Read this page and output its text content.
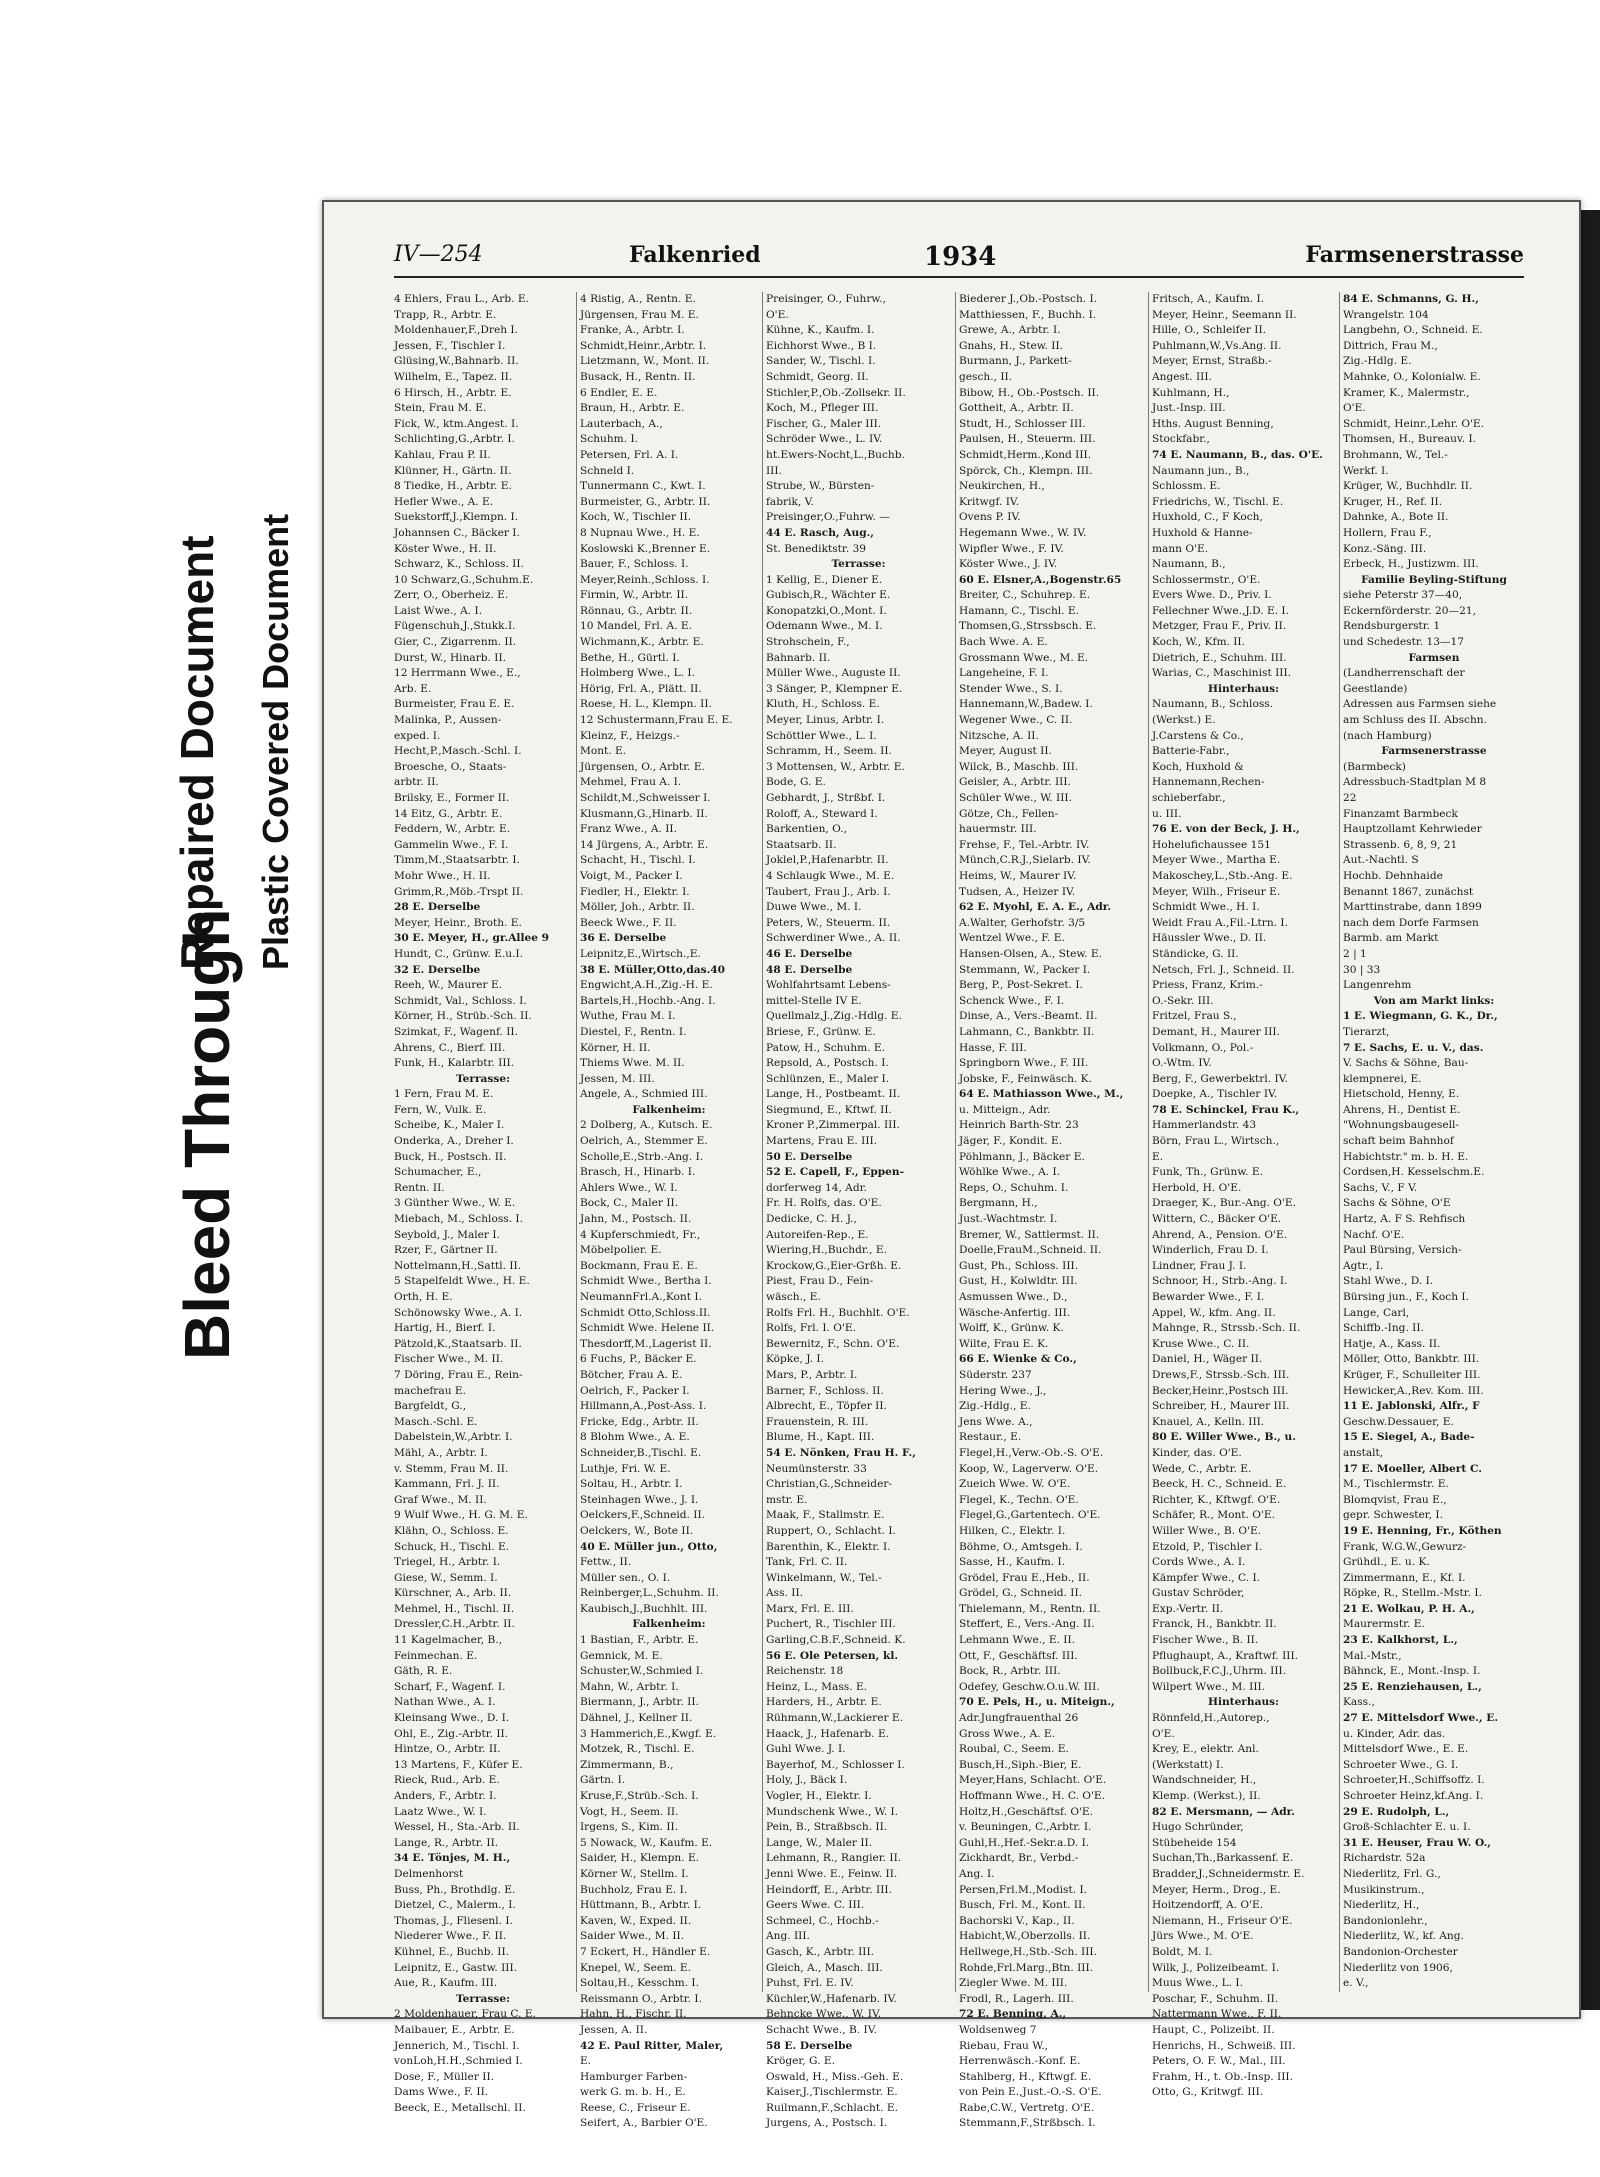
Bleed Through
Repaired Document Plastic Covered Document
IV—254	Falkenried	1934	Farmsenerstrasse
4 Ehlers, Frau L., Arb. E.
Trapp, R., Arbtr. E.
Moldenhauer,F.,Dreh I.
Jessen, F., Tischler I.
Glüsing,W.,Bahnarb. II.
Wilhelm, E., Tapez. II.
6 Hirsch, H., Arbtr. E.
Stein, Frau M. E.
Fick, W., ktm.Angest. I.
Schlichting,G.,Arbtr. I.
Kahlau, Frau P. II.
Klünner, H., Gärtn. II.
8 Tiedke, H., Arbtr. E.
Hefler Wwe., A. E.
Suekstorff,J.,Klempn. I.
Johannsen C., Bäcker I.
Köster Wwe., H. II.
Schwarz, K., Schloss. II.
10 Schwarz,G.,Schuhm.E.
Zerr, O., Oberheiz. E.
Laist Wwe., A. I.
Fügenschuh,J.,Stukk.I.
Gier, C., Zigarrenm. II.
Durst, W., Hinarb. II.
12 Herrmann Wwe., E.,
Arb. E.
Burmeister, Frau E. E.
Malinka, P., Aussen-
exped. I.
Hecht,P.,Masch.-Schl. I.
Broesche, O., Staats-
arbtr. II.
Brilsky, E., Former II.
14 Eitz, G., Arbtr. E.
Feddern, W., Arbtr. E.
Gammelin Wwe., F. I.
Timm,M.,Staatsarbtr. I.
Mohr Wwe., H. II.
Grimm,R.,Möb.-Trspt II.
28 E. Derselbe
Meyer, Heinr., Broth. E.
30 E. Meyer, H., gr.Allee 9
Hundt, C., Grünw. E.u.I.
32 E. Derselbe
Reeh, W., Maurer E.
Schmidt, Val., Schloss. I.
Körner, H., Strüb.-Sch. II.
Szimkat, F., Wagenf. II.
Ahrens, C., Bierf. III.
Funk, H., Kalarbtr. III.
Terrasse:
1 Fern, Frau M. E.
Fern, W., Vulk. E.
Scheibe, K., Maler I.
Onderka, A., Dreher I.
Buck, H., Postsch. II.
Schumacher, E.,
Rentn. II.
3 Günther Wwe., W. E.
Miebach, M., Schloss. I.
Seybold, J., Maler I.
Rzer, F., Gärtner II.
Nottelmann,H.,Sattl. II.
5 Stapelfeldt Wwe., H. E.
Orth, H. E.
Schönowsky Wwe., A. I.
Hartig, H., Bierf. I.
Pätzold,K.,Staatsarb. II.
Fischer Wwe., M. II.
7 Döring, Frau E., Rein-
machefrau E.
Bargfeldt, G.,
Masch.-Schl. E.
Dabelstein,W.,Arbtr. I.
Mähl, A., Arbtr. I.
v. Stemm, Frau M. II.
Kammann, Frl. J. II.
Graf Wwe., M. II.
9 Wulf Wwe., H. G. M. E.
Klähn, O., Schloss. E.
Schuck, H., Tischl. E.
Triegel, H., Arbtr. I.
Giese, W., Semm. I.
Kürschner, A., Arb. II.
Mehmel, H., Tischl. II.
Dressler,C.H.,Arbtr. II.
11 Kagelmacher, B.,
Feinmechan. E.
Gäth, R. E.
Scharf, F., Wagenf. I.
Nathan Wwe., A. I.
Kleinsang Wwe., D. I.
Ohl, E., Zig.-Arbtr. II.
Hintze, O., Arbtr. II.
13 Martens, F., Küfer E.
Rieck, Rud., Arb. E.
Anders, F., Arbtr. I.
Laatz Wwe., W. I.
Wessel, H., Sta.-Arb. II.
Lange, R., Arbtr. II.
34 E. Tönjes, M. H.,
Delmenhorst
Buss, Ph., Brothdlg. E.
Dietzel, C., Malerm., I.
Thomas, J., Fliesenl. I.
Niederer Wwe., F. II.
Kühnel, E., Buchb. II.
Leipnitz, E., Gastw. III.
Aue, R., Kaufm. III.
Terrasse:
2 Moldenhauer, Frau C. E.
Maibauer, E., Arbtr. E.
Jennerich, M., Tischl. I.
vonLoh,H.H.,Schmied I.
Dose, F., Müller II.
Dams Wwe., F. II.
Beeck, E., Metallschl. II.
4 Ristig, A., Rentn. E.
Jürgensen, Frau M. E.
Franke, A., Arbtr. I.
Schmidt,Heinr.,Arbtr. I.
Lietzmann, W., Mont. II.
Busack, H., Rentn. II.
6 Endler, E. E.
Braun, H., Arbtr. E.
Lauterbach, A.,
Schuhm. I.
Petersen, Frl. A. I.
Schneld I.
Tunnermann C., Kwt. I.
Burmeister, G., Arbtr. II.
Koch, W., Tischler II.
8 Nupnau Wwe., H. E.
Koslowski K.,Brenner E.
Bauer, F., Schloss. I.
Meyer,Reinh.,Schloss. I.
Firmin, W., Arbtr. II.
Rönnau, G., Arbtr. II.
10 Mandel, Frl. A. E.
Wichmann,K., Arbtr. E.
Bethe, H., Gürtl. I.
Holmberg Wwe., L. I.
Hörig, Frl. A., Plätt. II.
Roese, H. L., Klempn. II.
12 Schustermann,Frau E. E.
Kleinz, F., Heizgs.-
Mont. E.
Jürgensen, O., Arbtr. E.
Mehmel, Frau A. I.
Schildt,M.,Schweisser I.
Klusmann,G.,Hinarb. II.
Franz Wwe., A. II.
14 Jürgens, A., Arbtr. E.
Schacht, H., Tischl. I.
Voigt, M., Packer I.
Fiedler, H., Elektr. I.
Möller, Joh., Arbtr. II.
Beeck Wwe., F. II.
36 E. Derselbe
Leipnitz,E.,Wirtsch.,E.
38 E. Müller,Otto,das.40
Engwicht,A.H.,Zig.-H. E.
Bartels,H.,Hochb.-Ang. I.
Wuthe, Frau M. I.
Diestel, F., Rentn. I.
Körner, H. II.
Thiems Wwe. M. II.
Jessen, M. III.
Angele, A., Schmied III.
Falkenheim:
2 Dolberg, A., Kutsch. E.
Oelrich, A., Stemmer E.
Scholle,E.,Strb.-Ang. I.
Brasch, H., Hinarb. I.
Ahlers Wwe., W. I.
Bock, C., Maler II.
Jahn, M., Postsch. II.
4 Kupferschmiedt, Fr.,
Möbelpolier. E.
Bockmann, Frau E. E.
Schmidt Wwe., Bertha I.
NeumannFrl.A.,Kont I.
Schmidt Otto,Schloss.II.
Schmidt Wwe. Helene II.
Thesdorff,M.,Lagerist II.
6 Fuchs, P., Bäcker E.
Bötcher, Frau A. E.
Oelrich, F., Packer I.
Hillmann,A.,Post-Ass. I.
Fricke, Edg., Arbtr. II.
8 Blohm Wwe., A. E.
Schneider,B.,Tischl. E.
Luthje, Fri. W. E.
Soltau, H., Arbtr. I.
Steinhagen Wwe., J. I.
Oelckers,F.,Schneid. II.
Oelckers, W., Bote II.
40 E. Müller jun., Otto,
Fettw., II.
Müller sen., O. I.
Reinberger,L.,Schuhm. II.
Kaubisch,J.,Buchhlt. III.
Falkenheim:
1 Bastian, F., Arbtr. E.
Gemnick, M. E.
Schuster,W.,Schmied I.
Mahn, W., Arbtr. I.
Biermann, J., Arbtr. II.
Dähnel, J., Kellner II.
3 Hammerich,E.,Kwgf. E.
Motzek, R., Tischl. E.
Zimmermann, B.,
Gärtn. I.
Kruse,F.,Strüb.-Sch. I.
Vogt, H., Seem. II.
Irgens, S., Kim. II.
5 Nowack, W., Kaufm. E.
Saider, H., Klempn. E.
Körner W., Stellm. I.
Buchholz, Frau E. I.
Hüttmann, B., Arbtr. I.
Kaven, W., Exped. II.
Saider Wwe., M. II.
7 Eckert, H., Händler E.
Knepel, W., Seem. E.
Soltau,H., Kesschm. I.
Reissmann O., Arbtr. I.
Hahn, H., Fischr. II.
Jessen, A. II.
42 E. Paul Ritter, Maler,
E.
Hamburger Farben-
werk G. m. b. H., E.
Reese, C., Friseur E.
Seifert, A., Barbier O'E.
Preisinger, O., Fuhrw.,
O'E.
Kühne, K., Kaufm. I.
Eichhorst Wwe., B I.
Sander, W., Tischl. I.
Schmidt, Georg. II.
Stichler,P.,Ob.-Zollsekr. II.
Koch, M., Pfleger III.
Fischer, G., Maler III.
Schröder Wwe., L. IV.
ht.Ewers-Nocht,L.,Buchb.
III.
Strube, W., Bürsten-
fabrik, V.
Preisinger,O.,Fuhrw. —
44 E. Rasch, Aug.,
St. Benediktstr. 39
Terrasse:
1 Kellig, E., Diener E.
Gubisch,R., Wächter E.
Konopatzki,O.,Mont. I.
Odemann Wwe., M. I.
Strohschein, F.,
Bahnarb. II.
Müller Wwe., Auguste II.
3 Sänger, P., Klempner E.
Kluth, H., Schloss. E.
Meyer, Linus, Arbtr. I.
Schöttler Wwe., L. I.
Schramm, H., Seem. II.
3 Mottensen, W., Arbtr. E.
Bode, G. E.
Gebhardt, J., Strßbf. I.
Roloff, A., Steward I.
Barkentien, O.,
Staatsarb. II.
Joklel,P.,Hafenarbtr. II.
4 Schlaugk Wwe., M. E.
Taubert, Frau J., Arb. I.
Duwe Wwe., M. I.
Peters, W., Steuerm. II.
Schwerdiner Wwe., A. II.
46 E. Derselbe
48 E. Derselbe
Wohlfahrtsamt Lebens-
mittel-Stelle IV E.
Quellmalz,J.,Zig.-Hdlg. E.
Briese, F., Grünw. E.
Patow, H., Schuhm. E.
Repsold, A., Postsch. I.
Schlünzen, E., Maler I.
Lange, H., Postbeamt. II.
Siegmund, E., Kftwf. II.
Kroner P.,Zimmerpal. III.
Martens, Frau E. III.
50 E. Derselbe
52 E. Capell, F., Eppen-
dorferweg 14, Adr.
Fr. H. Rolfs, das. O'E.
Dedicke, C. H. J.,
Autoreifen-Rep., E.
Wiering,H.,Buchdr., E.
Krockow,G.,Eier-Grßh. E.
Piest, Frau D., Fein-
wäsch., E.
Rolfs Frl. H., Buchhlt. O'E.
Rolfs, Frl. I. O'E.
Bewernitz, F., Schn. O'E.
Köpke, J. I.
Mars, P., Arbtr. I.
Barner, F., Schloss. II.
Albrecht, E., Töpfer II.
Frauenstein, R. III.
Blume, H., Kapt. III.
54 E. Nönken, Frau H. F.,
Neumünsterstr. 33
Christian,G.,Schneider-
mstr. E.
Maak, F., Stallmstr. E.
Ruppert, O., Schlacht. I.
Barenthin, K., Elektr. I.
Tank, Frl. C. II.
Winkelmann, W., Tel.-
Ass. II.
Marx, Frl. E. III.
Puchert, R., Tischler III.
Garling,C.B.F.,Schneid. K.
56 E. Ole Petersen, kl.
Reichenstr. 18
Heinz, L., Mass. E.
Harders, H., Arbtr. E.
Rühmann,W.,Lackierer E.
Haack, J., Hafenarb. E.
Guhl Wwe. J. I.
Bayerhof, M., Schlosser I.
Holy, J., Bäck I.
Vogler, H., Elektr. I.
Mundschenk Wwe., W. I.
Pein, B., Straßbsch. II.
Lange, W., Maler II.
Lehmann, R., Rangier. II.
Jenni Wwe. E., Feinw. II.
Heindorff, E., Arbtr. III.
Geers Wwe. C. III.
Schmeel, C., Hochb.-
Ang. III.
Gasch, K., Arbtr. III.
Gleich, A., Masch. III.
Puhst, Frl. E. IV.
Küchler,W.,Hafenarb. IV.
Behncke Wwe., W. IV.
Schacht Wwe., B. IV.
58 E. Derselbe
Kröger, G. E.
Oswald, H., Miss.-Geh. E.
Kaiser,J.,Tischlermstr. E.
Ruilmann,F.,Schlacht. E.
Jurgens, A., Postsch. I.
Biederer J.,Ob.-Postsch. I.
Matthiessen, F., Buchh. I.
Grewe, A., Arbtr. I.
Gnahs, H., Stew. II.
Burmann, J., Parkett-
gesch., II.
Bibow, H., Ob.-Postsch. II.
Gottheit, A., Arbtr. II.
Studt, H., Schlosser III.
Paulsen, H., Steuerm. III.
Schmidt,Herm.,Kond III.
Spörck, Ch., Klempn. III.
Neukirchen, H.,
Kritwgf. IV.
Ovens P. IV.
Hegemann Wwe., W. IV.
Wipfler Wwe., F. IV.
Köster Wwe., J. IV.
60 E. Elsner,A.,Bogenstr.65
Breiter, C., Schuhrep. E.
Hamann, C., Tischl. E.
Thomsen,G.,Strssbsch. E.
Bach Wwe. A. E.
Grossmann Wwe., M. E.
Langeheine, F. I.
Stender Wwe., S. I.
Hannemann,W.,Badew. I.
Wegener Wwe., C. II.
Nitzsche, A. II.
Meyer, August II.
Wilck, B., Maschb. III.
Geisler, A., Arbtr. III.
Schüler Wwe., W. III.
Götze, Ch., Fellen-
hauermstr. III.
Frehse, F., Tel.-Arbtr. IV.
Münch,C.R.J.,Sielarb. IV.
Heims, W., Maurer IV.
Tudsen, A., Heizer IV.
62 E. Myohl, E. A. E., Adr.
A.Walter, Gerhofstr. 3/5
Wentzel Wwe., F. E.
Hansen-Olsen, A., Stew. E.
Stemmann, W., Packer I.
Berg, P., Post-Sekret. I.
Schenck Wwe., F. I.
Dinse, A., Vers.-Beamt. II.
Lahmann, C., Bankbtr. II.
Hasse, F. III.
Springborn Wwe., F. III.
Jobske, F., Feinwäsch. K.
64 E. Mathiasson Wwe., M.,
u. Mitteign., Adr.
Heinrich Barth-Str. 23
Jäger, F., Kondit. E.
Pöhlmann, J., Bäcker E.
Wöhlke Wwe., A. I.
Reps, O., Schuhm. I.
Bergmann, H.,
Just.-Wachtmstr. I.
Bremer, W., Sattlermst. II.
Doelle,FrauM.,Schneid. II.
Gust, Ph., Schloss. III.
Gust, H., Kolwldtr. III.
Asmussen Wwe., D.,
Wäsche-Anfertig. III.
Wolff, K., Grünw. K.
Wilte, Frau E. K.
66 E. Wienke & Co.,
Süderstr. 237
Hering Wwe., J.,
Zig.-Hdlg., E.
Jens Wwe. A.,
Restaur., E.
Flegel,H.,Verw.-Ob.-S. O'E.
Koop, W., Lagerverw. O'E.
Zueich Wwe. W. O'E.
Flegel, K., Techn. O'E.
Flegel,G.,Gartentech. O'E.
Hilken, C., Elektr. I.
Böhme, O., Amtsgeh. I.
Sasse, H., Kaufm. I.
Grödel, Frau E.,Heb., II.
Grödel, G., Schneid. II.
Thielemann, M., Rentn. II.
Steffert, E., Vers.-Ang. II.
Lehmann Wwe., E. II.
Ott, F., Geschäftsf. III.
Bock, R., Arbtr. III.
Odefey, Geschw.O.u.W. III.
70 E. Pels, H., u. Miteign.,
Adr.Jungfrauenthal 26
Gross Wwe., A. E.
Roubal, C., Seem. E.
Busch,H.,Siph.-Bier, E.
Meyer,Hans, Schlacht. O'E.
Hoffmann Wwe., H. C. O'E.
Holtz,H.,Geschäftsf. O'E.
v. Beuningen, C.,Arbtr. I.
Guhl,H.,Hef.-Sekr.a.D. I.
Zickhardt, Br., Verbd.-
Ang. I.
Persen,Frl.M.,Modist. I.
Busch, Frl. M., Kont. II.
Bachorski V., Kap., II.
Habicht,W.,Oberzolls. II.
Hellwege,H.,Stb.-Sch. III.
Rohde,Frl.Marg.,Btn. III.
Ziegler Wwe. M. III.
Frodl, R., Lagerh. III.
72 E. Benning, A.,
Woldsenweg 7
Riebau, Frau W.,
Herrenwäsch.-Konf. E.
Stahlberg, H., Kftwgf. E.
von Pein E.,Just.-O.-S. O'E.
Rabe,C.W., Vertretg. O'E.
Stemmann,F.,Strßbsch. I.
Fritsch, A., Kaufm. I.
Meyer, Heinr., Seemann II.
Hille, O., Schleifer II.
Puhlmann,W.,Vs.Ang. II.
Meyer, Ernst, Straßb.-
Angest. III.
Kuhlmann, H.,
Just.-Insp. III.
Hths. August Benning,
Stockfabr.,
74 E. Naumann, B., das. O'E.
Naumann jun., B.,
Schlossm. E.
Friedrichs, W., Tischl. E.
Huxhold, C., F Koch,
Huxhold & Hanne-
mann O'E.
Naumann, B.,
Schlossermstr., O'E.
Evers Wwe. D., Priv. I.
Fellechner Wwe.,J.D. E. I.
Metzger, Frau F., Priv. II.
Koch, W., Kfm. II.
Dietrich, E., Schuhm. III.
Warias, C., Maschinist III.
Hinterhaus:
Naumann, B., Schloss.
(Werkst.) E.
J.Carstens & Co.,
Batterie-Fabr.,
Koch, Huxhold &
Hannemann,Rechen-
schieberfabr.,
u. III.
76 E. von der Beck, J. H.,
Hohelufichaussee 151
Meyer Wwe., Martha E.
Makoschey,L.,Stb.-Ang. E.
Meyer, Wilh., Friseur E.
Schmidt Wwe., H. I.
Weidt Frau A.,Fil.-Ltrn. I.
Häussler Wwe., D. II.
Ständicke, G. II.
Netsch, Frl. J., Schneid. II.
Priess, Franz, Krim.-
O.-Sekr. III.
Fritzel, Frau S.,
Demant, H., Maurer III.
Volkmann, O., Pol.-
O.-Wtm. IV.
Berg, F., Gewerbektrl. IV.
Doepke, A., Tischler IV.
78 E. Schinckel, Frau K.,
Hammerlandstr. 43
Börn, Frau L., Wirtsch.,
E.
Funk, Th., Grünw. E.
Herbold, H. O'E.
Draeger, K., Bur.-Ang. O'E.
Wittern, C., Bäcker O'E.
Ahrend, A., Pension. O'E.
Winderlich, Frau D. I.
Lindner, Frau J. I.
Schnoor, H., Strb.-Ang. I.
Bewarder Wwe., F. I.
Appel, W., kfm. Ang. II.
Mahnge, R., Strssb.-Sch. II.
Kruse Wwe., C. II.
Daniel, H., Wäger II.
Drews,F., Strssb.-Sch. III.
Becker,Heinr.,Postsch III.
Schreiber, H., Maurer III.
Knauel, A., Kelln. III.
80 E. Willer Wwe., B., u.
Kinder, das. O'E.
Wede, C., Arbtr. E.
Beeck, H. C., Schneid. E.
Richter, K., Kftwgf. O'E.
Schäfer, R., Mont. O'E.
Willer Wwe., B. O'E.
Etzold, P., Tischler I.
Cords Wwe., A. I.
Kämpfer Wwe., C. I.
Gustav Schröder,
Exp.-Vertr. II.
Franck, H., Bankbtr. II.
Fischer Wwe., B. II.
Pflughaupt, A., Kraftwf. III.
Bollbuck,F.C.J.,Uhrm. III.
Wilpert Wwe., M. III.
Hinterhaus:
Rönnfeld,H.,Autorep.,
O'E.
Krey, E., elektr. Anl.
(Werkstatt) I.
Wandschneider, H.,
Klemp. (Werkst.), II.
82 E. Mersmann, — Adr.
Hugo Schründer,
Stübeheide 154
Suchan,Th.,Barkassenf. E.
Bradder,J.,Schneidermstr. E.
Meyer, Herm., Drog., E.
Hoitzendorff, A. O'E.
Niemann, H., Friseur O'E.
Jürs Wwe., M. O'E.
Boldt, M. I.
Wilk, J., Polizeibeamt. I.
Muus Wwe., L. I.
Poschar, F., Schuhm. II.
Nattermann Wwe., F. II.
Haupt, C., Polizeibt. II.
Henrichs, H., Schweiß. III.
Peters, O. F. W., Mal., III.
Frahm, H., t. Ob.-Insp. III.
Otto, G., Kritwgf. III.
84 E. Schmanns, G. H.,
Wrangelstr. 104
Langbehn, O., Schneid. E.
Dittrich, Frau M.,
Zig.-Hdlg. E.
Mahnke, O., Kolonialw. E.
Kramer, K., Malermstr.,
O'E.
Schmidt, Heinr.,Lehr. O'E.
Thomsen, H., Bureauv. I.
Brohmann, W., Tel.-
Werkf. I.
Krüger, W., Buchhdlr. II.
Kruger, H., Ref. II.
Dahnke, A., Bote II.
Hollern, Frau F.,
Konz.-Säng. III.
Erbeck, H., Justizwm. III.
Familie Beyling-Stiftung
siehe Peterstr 37—40,
Eckernförderstr. 20—21,
Rendsburgerstr. 1
und Schedestr. 13—17
Farmsen
(Landherrenschaft der
Geestlande)
Adressen aus Farmsen siehe
am Schluss des II. Abschn.
(nach Hamburg)
Farmsenerstrasse
(Barmbeck)
Adressbuch-Stadtplan M 8
22
Finanzamt Barmbeck
Hauptzollamt Kehrwieder
Strassenb. 6, 8, 9, 21
Aut.-Nachtl. S
Hochb. Dehnhaide
Benannt 1867, zunächst
Marttinstrabe, dann 1899
nach dem Dorfe Farmsen
Barmb. am Markt
2 | 1
30 | 33
Langenrehm
Von am Markt links:
1 E. Wiegmann, G. K., Dr.,
Tierarzt,
7 E. Sachs, E. u. V., das.
V. Sachs & Söhne, Bau-
klempnerei, E.
Hietschold, Henny, E.
Ahrens, H., Dentist E.
"Wohnungsbaugesell-
schaft beim Bahnhof
Habichtstr." m. b. H. E.
Cordsen,H. Kesselschm.E.
Sachs, V., F V.
Sachs & Söhne, O'E
Hartz, A. F S. Rehfisch
Nachf. O'E.
Paul Bürsing, Versich-
Agtr., I.
Stahl Wwe., D. I.
Bürsing jun., F., Koch I.
Lange, Carl,
Schiffb.-Ing. II.
Hatje, A., Kass. II.
Möller, Otto, Bankbtr. III.
Krüger, F., Schulleiter III.
Hewicker,A.,Rev. Kom. III.
11 E. Jablonski, Alfr., F
Geschw.Dessauer, E.
15 E. Siegel, A., Bade-
anstalt,
17 E. Moeller, Albert C.
M., Tischlermstr. E.
Blomqvist, Frau E.,
gepr. Schwester, I.
19 E. Henning, Fr., Köthen
Frank, W.G.W.,Gewurz-
Grühdl., E. u. K.
Zimmermann, E., Kf. I.
Röpke, R., Stellm.-Mstr. I.
21 E. Wolkau, P. H. A.,
Maurermstr. E.
23 E. Kalkhorst, L.,
Mal.-Mstr.,
Bähnck, E., Mont.-Insp. I.
25 E. Renziehausen, L.,
Kass.,
27 E. Mittelsdorf Wwe., E.
u. Kinder, Adr. das.
Mittelsdorf Wwe., E. E.
Schroeter Wwe., G. I.
Schroeter,H.,Schiffsoffz. I.
Schroeter Heinz,kf.Ang. I.
29 E. Rudolph, L.,
Groß-Schlachter E. u. I.
31 E. Heuser, Frau W. O.,
Richardstr. 52a
Niederlitz, Frl. G.,
Musikinstrum.,
Niederlitz, H.,
Bandonionlehr.,
Niederlitz, W., kf. Ang.
Bandonion-Orchester
Niederlitz von 1906,
e. V.,
